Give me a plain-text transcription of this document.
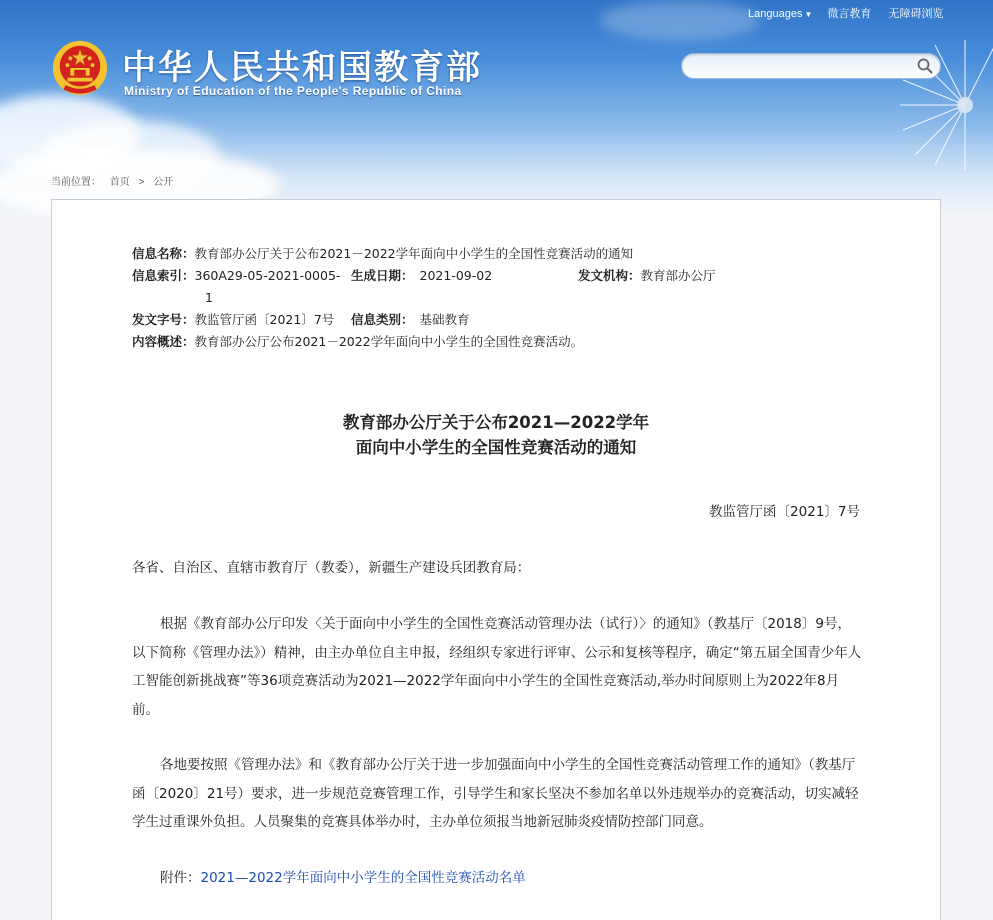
中华人民共和国教育部
Ministry of Education of the People's Republic of China
Languages ▼ 微言教育 无障碍浏览
当前位置： 首页 > 公开
信息名称：教育部办公厅关于公布2021－2022学年面向中小学生的全国性竞赛活动的通知
信息索引：360A29-05-2021-0005- 生成日期： 2021-09-02	发文机构：教育部办公厅
1
发文字号：教监管厅函〔2021〕7号 信息类别： 基础教育
内容概述：教育部办公厅公布2021－2022学年面向中小学生的全国性竞赛活动。
教育部办公厅关于公布2021—2022学年
面向中小学生的全国性竞赛活动的通知
教监管厅函〔2021〕7号
各省、自治区、直辖市教育厅（教委），新疆生产建设兵团教育局：
根据《教育部办公厅印发〈关于面向中小学生的全国性竞赛活动管理办法（试行）〉的通知》（教基厅〔2018〕9号，以下简称《管理办法》）精神，由主办单位自主申报，经组织专家进行评审、公示和复核等程序，确定“第五届全国青少年人工智能创新挑战赛”等36项竞赛活动为2021—2022学年面向中小学生的全国性竞赛活动,举办时间原则上为2022年8月前。
各地要按照《管理办法》和《教育部办公厅关于进一步加强面向中小学生的全国性竞赛活动管理工作的通知》（教基厅函〔2020〕21号）要求，进一步规范竞赛管理工作，引导学生和家长坚决不参加名单以外违规举办的竞赛活动，切实减轻学生过重课外负担。人员聚集的竞赛具体举办时，主办单位须报当地新冠肺炎疫情防控部门同意。
附件：2021—2022学年面向中小学生的全国性竞赛活动名单
